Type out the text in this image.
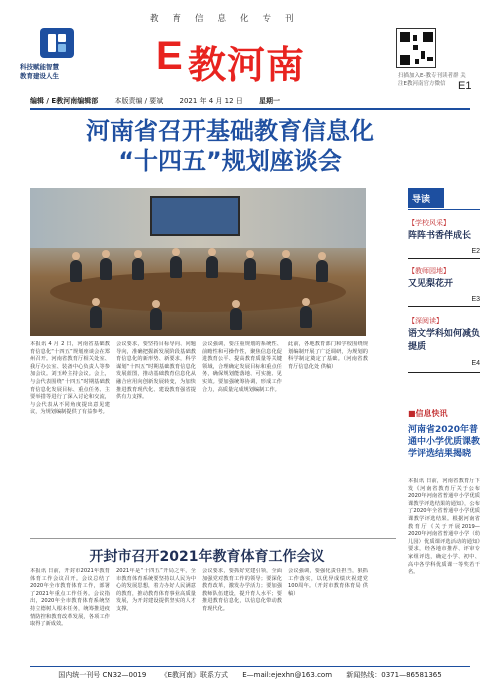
科技赋能智慧
教育建设人生
教育信息化专刊
E 教河南	扫描加入E-教专刊读者群 关注E教河南官方微信	E1
编辑 / E教河南编辑部 本版责编 / 要斌 2021 年 4 月 12 日 星期一
河南省召开基础教育信息化
“十四五”规划座谈会
本报讯 4 月 2 日，河南省基础教育信息化“十四五”规划座谈会在郑州召开。河南省教育厅相关处室、我厅办公室、装备中心负责人等参加会议。刘玉岭主持会议。会上，与会代表围绕“十四五”时期基础教育信息化发展目标、重点任务、主要举措等进行了深入讨论和交流，与会代表从不同角度提出意见建议，为规划编制提供了有益参考。
会议要求，要坚持目标导向、问题导向，准确把握新发展阶段基础教育信息化的新形势、新要求，科学谋划“十四五”时期基础教育信息化发展蓝图，推动基础教育信息化从融合应用向创新发展转变，为加快推进教育现代化、建设教育强省提供有力支撑。
会议强调，要注重规划的系统性、前瞻性和可操作性，聚焦信息化促进教育公平、提高教育质量等关键领域，合理确定发展目标和重点任务，确保规划能落地、可实施、见实效。要加强统筹协调，形成工作合力，高质量完成规划编制工作。
此前，各地教育部门和学校围绕规划编制开展了广泛调研，为规划的科学制定奠定了基础。（河南省教育厅信息化处 供稿）
导读
【学校风采】
阵阵书香伴成长
E2
【教师园地】
又见梨花开
E3
【深阅读】
语文学科如何减负提质
E4
■信息快讯
河南省2020年普通中小学优质课教学评选结果揭晓
本报讯 日前，河南省教育厅下发《河南省教育厅关于公布2020年河南省普通中小学优质课教学评选结果的通知》，公布了2020年全省普通中小学优质课教学评选结果。根据河南省教育厅《关于开展2019—2020年河南省普通中小学（幼儿园）优质课评选活动的通知》要求，经各地市推荐、评审专家组评选，确定小学、初中、高中各学科优质课一等奖若干名。
开封市召开2021年教育体育工作会议
本报讯 日前，开封市2021年教育体育工作会议召开。会议总结了2020年全市教育体育工作，部署了2021年重点工作任务。会议指出，2020年全市教育体育系统坚持立德树人根本任务，统筹推进疫情防控和教育改革发展，各项工作取得了新成效。
2021年是“十四五”开局之年，全市教育体育系统要坚持以人民为中心的发展思想，着力办好人民满意的教育，推动教育体育事业高质量发展，为开封建设提供坚实的人才支撑。
会议要求，要抓好党建引领，全面加强党对教育工作的领导；要深化教育改革，激发办学活力；要加强教师队伍建设，提升育人水平；要推进教育信息化，以信息化带动教育现代化。
会议强调，要强化责任担当，狠抓工作落实，以优异成绩庆祝建党100周年。（开封市教育体育局 供稿）
国内统一刊号 CN32—0019 《E教河南》联系方式 E—mail:ejexhn@163.com 新闻热线：0371—86581365
